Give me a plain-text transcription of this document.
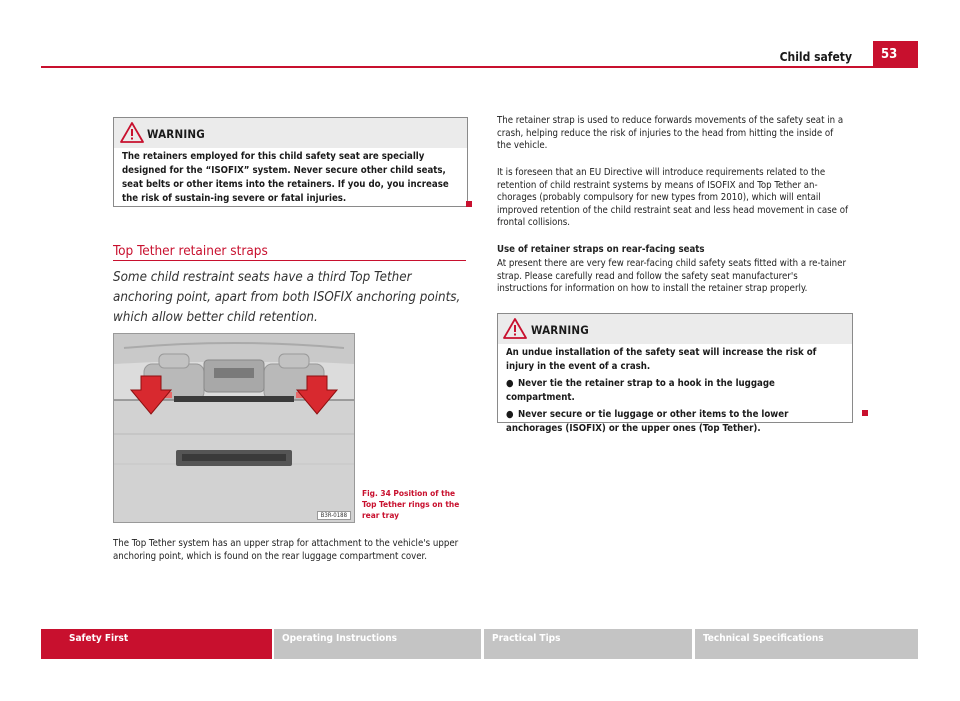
Child safety	53
WARNING
The retainers employed for this child safety seat are specially designed for the “ISOFIX” system. Never secure other child seats, seat belts or other items into the retainers. If you do, you increase the risk of sustain-ing severe or fatal injuries.
Top Tether retainer straps
Some child restraint seats have a third Top Tether anchoring point, apart from both ISOFIX anchoring points, which allow better child retention.
B3R-0188
Fig. 34 Position of the Top Tether rings on the rear tray
The Top Tether system has an upper strap for attachment to the vehicle's upper anchoring point, which is found on the rear luggage compartment cover.
The retainer strap is used to reduce forwards movements of the safety seat in a crash, helping reduce the risk of injuries to the head from hitting the inside of the vehicle.
It is foreseen that an EU Directive will introduce requirements related to the retention of child restraint systems by means of ISOFIX and Top Tether an-chorages (probably compulsory for new types from 2010), which will entail improved retention of the child restraint seat and less head movement in case of frontal collisions.
Use of retainer straps on rear-facing seats
At present there are very few rear-facing child safety seats fitted with a re-tainer strap. Please carefully read and follow the safety seat manufacturer's instructions for information on how to install the retainer strap properly.
WARNING
An undue installation of the safety seat will increase the risk of injury in the event of a crash.
● Never tie the retainer strap to a hook in the luggage compartment.
● Never secure or tie luggage or other items to the lower anchorages (ISOFIX) or the upper ones (Top Tether).
Safety First	Operating Instructions	Practical Tips	Technical Specifications
